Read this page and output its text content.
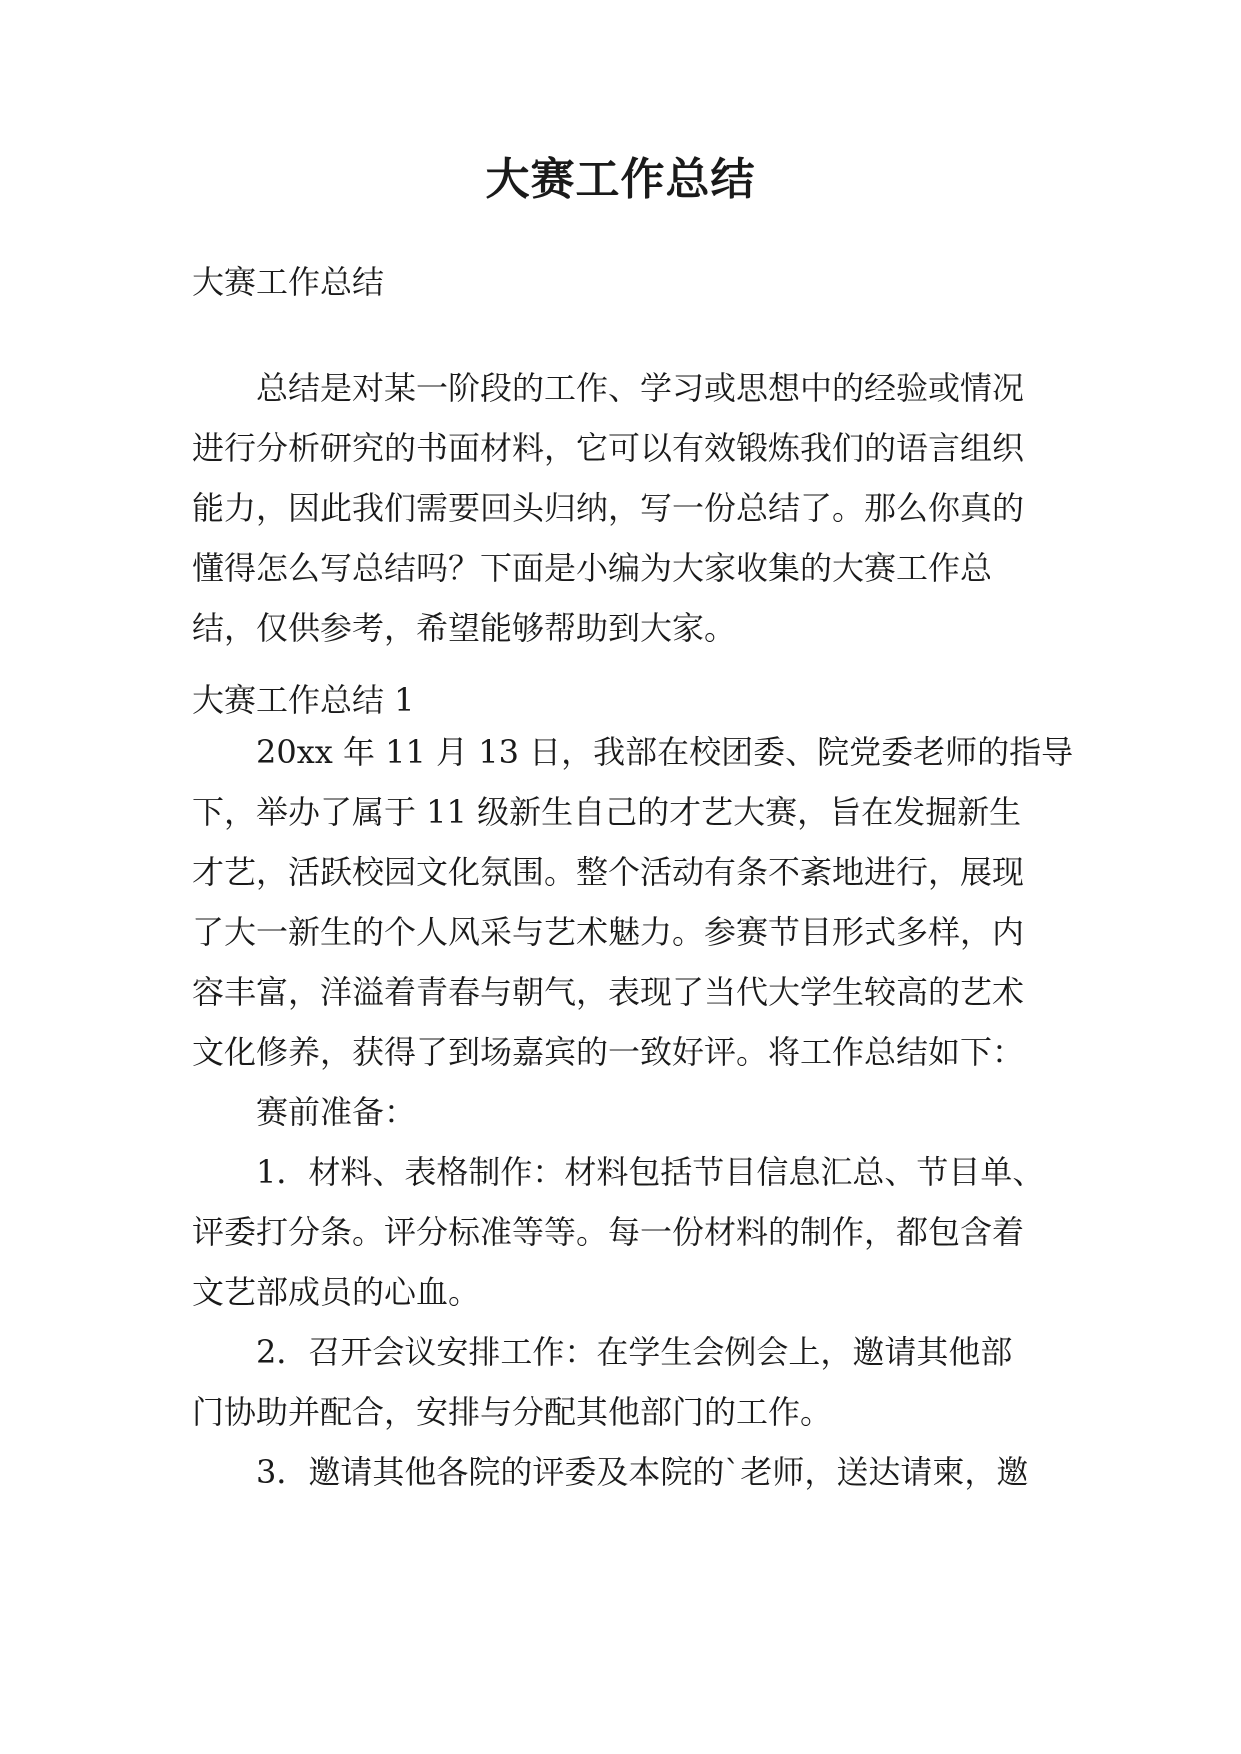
大赛工作总结

大赛工作总结

　　总结是对某一阶段的工作、学习或思想中的经验或情况
进行分析研究的书面材料，它可以有效锻炼我们的语言组织
能力，因此我们需要回头归纳，写一份总结了。那么你真的
懂得怎么写总结吗？下面是小编为大家收集的大赛工作总
结，仅供参考，希望能够帮助到大家。

大赛工作总结 1

　　20xx 年 11 月 13 日，我部在校团委、院党委老师的指导
下，举办了属于 11 级新生自己的才艺大赛，旨在发掘新生
才艺，活跃校园文化氛围。整个活动有条不紊地进行，展现
了大一新生的个人风采与艺术魅力。参赛节目形式多样，内
容丰富，洋溢着青春与朝气，表现了当代大学生较高的艺术
文化修养，获得了到场嘉宾的一致好评。将工作总结如下：
　　赛前准备：
　　1．材料、表格制作：材料包括节目信息汇总、节目单、
评委打分条。评分标准等等。每一份材料的制作，都包含着
文艺部成员的心血。
　　2．召开会议安排工作：在学生会例会上，邀请其他部
门协助并配合，安排与分配其他部门的工作。
　　3．邀请其他各院的评委及本院的`老师，送达请柬，邀
